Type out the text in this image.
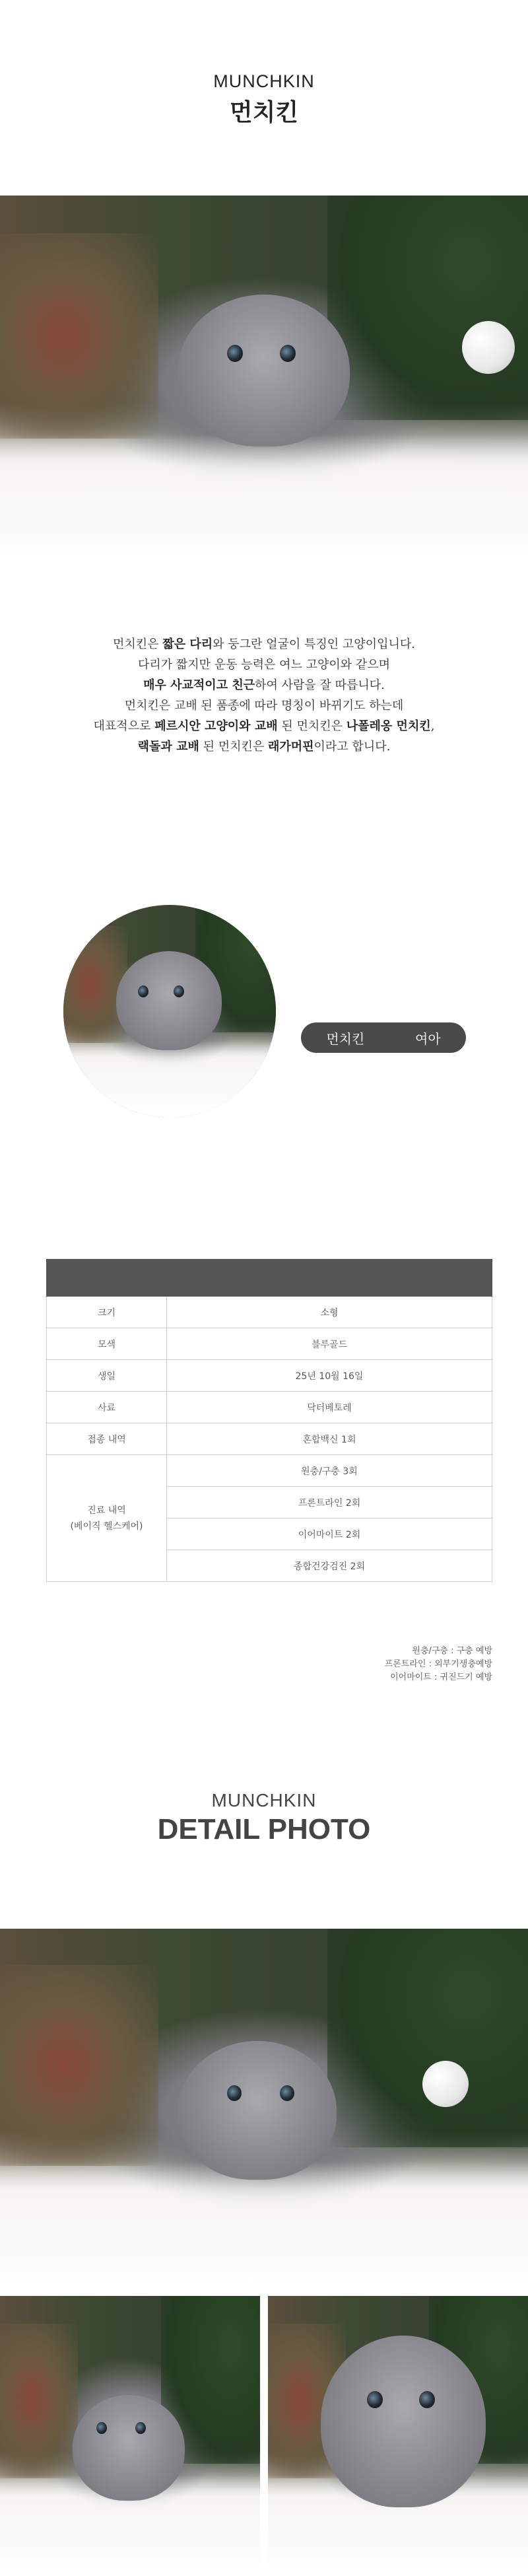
MUNCHKIN
먼치킨

먼치킨은 짧은 다리와 둥그란 얼굴이 특징인 고양이입니다.

다리가 짧지만 운동 능력은 여느 고양이와 같으며

매우 사교적이고 친근하여 사람을 잘 따릅니다.

먼치킨은 교배 된 품종에 따라 명칭이 바뀌기도 하는데

대표적으로 페르시안 고양이와 교배 된 먼치킨은 나폴레옹 먼치킨,

랙돌과 교배 된 먼치킨은 래가머핀이라고 합니다.

먼치킨	여아

크기	소형
모색	블루골드
생일	25년 10월 16일
사료	닥터베토레
접종 내역	혼합백신 1회
진료 내역
(베이직 헬스케어)	원충/구충 3회
	프론트라인 2회
	이어마이트 2회
	종합건강검진 2회
원충/구충 : 구충 예방
프론트라인 : 외부기생충예방
이어마이트 : 귀진드기 예방
MUNCHKIN
DETAIL PHOTO
